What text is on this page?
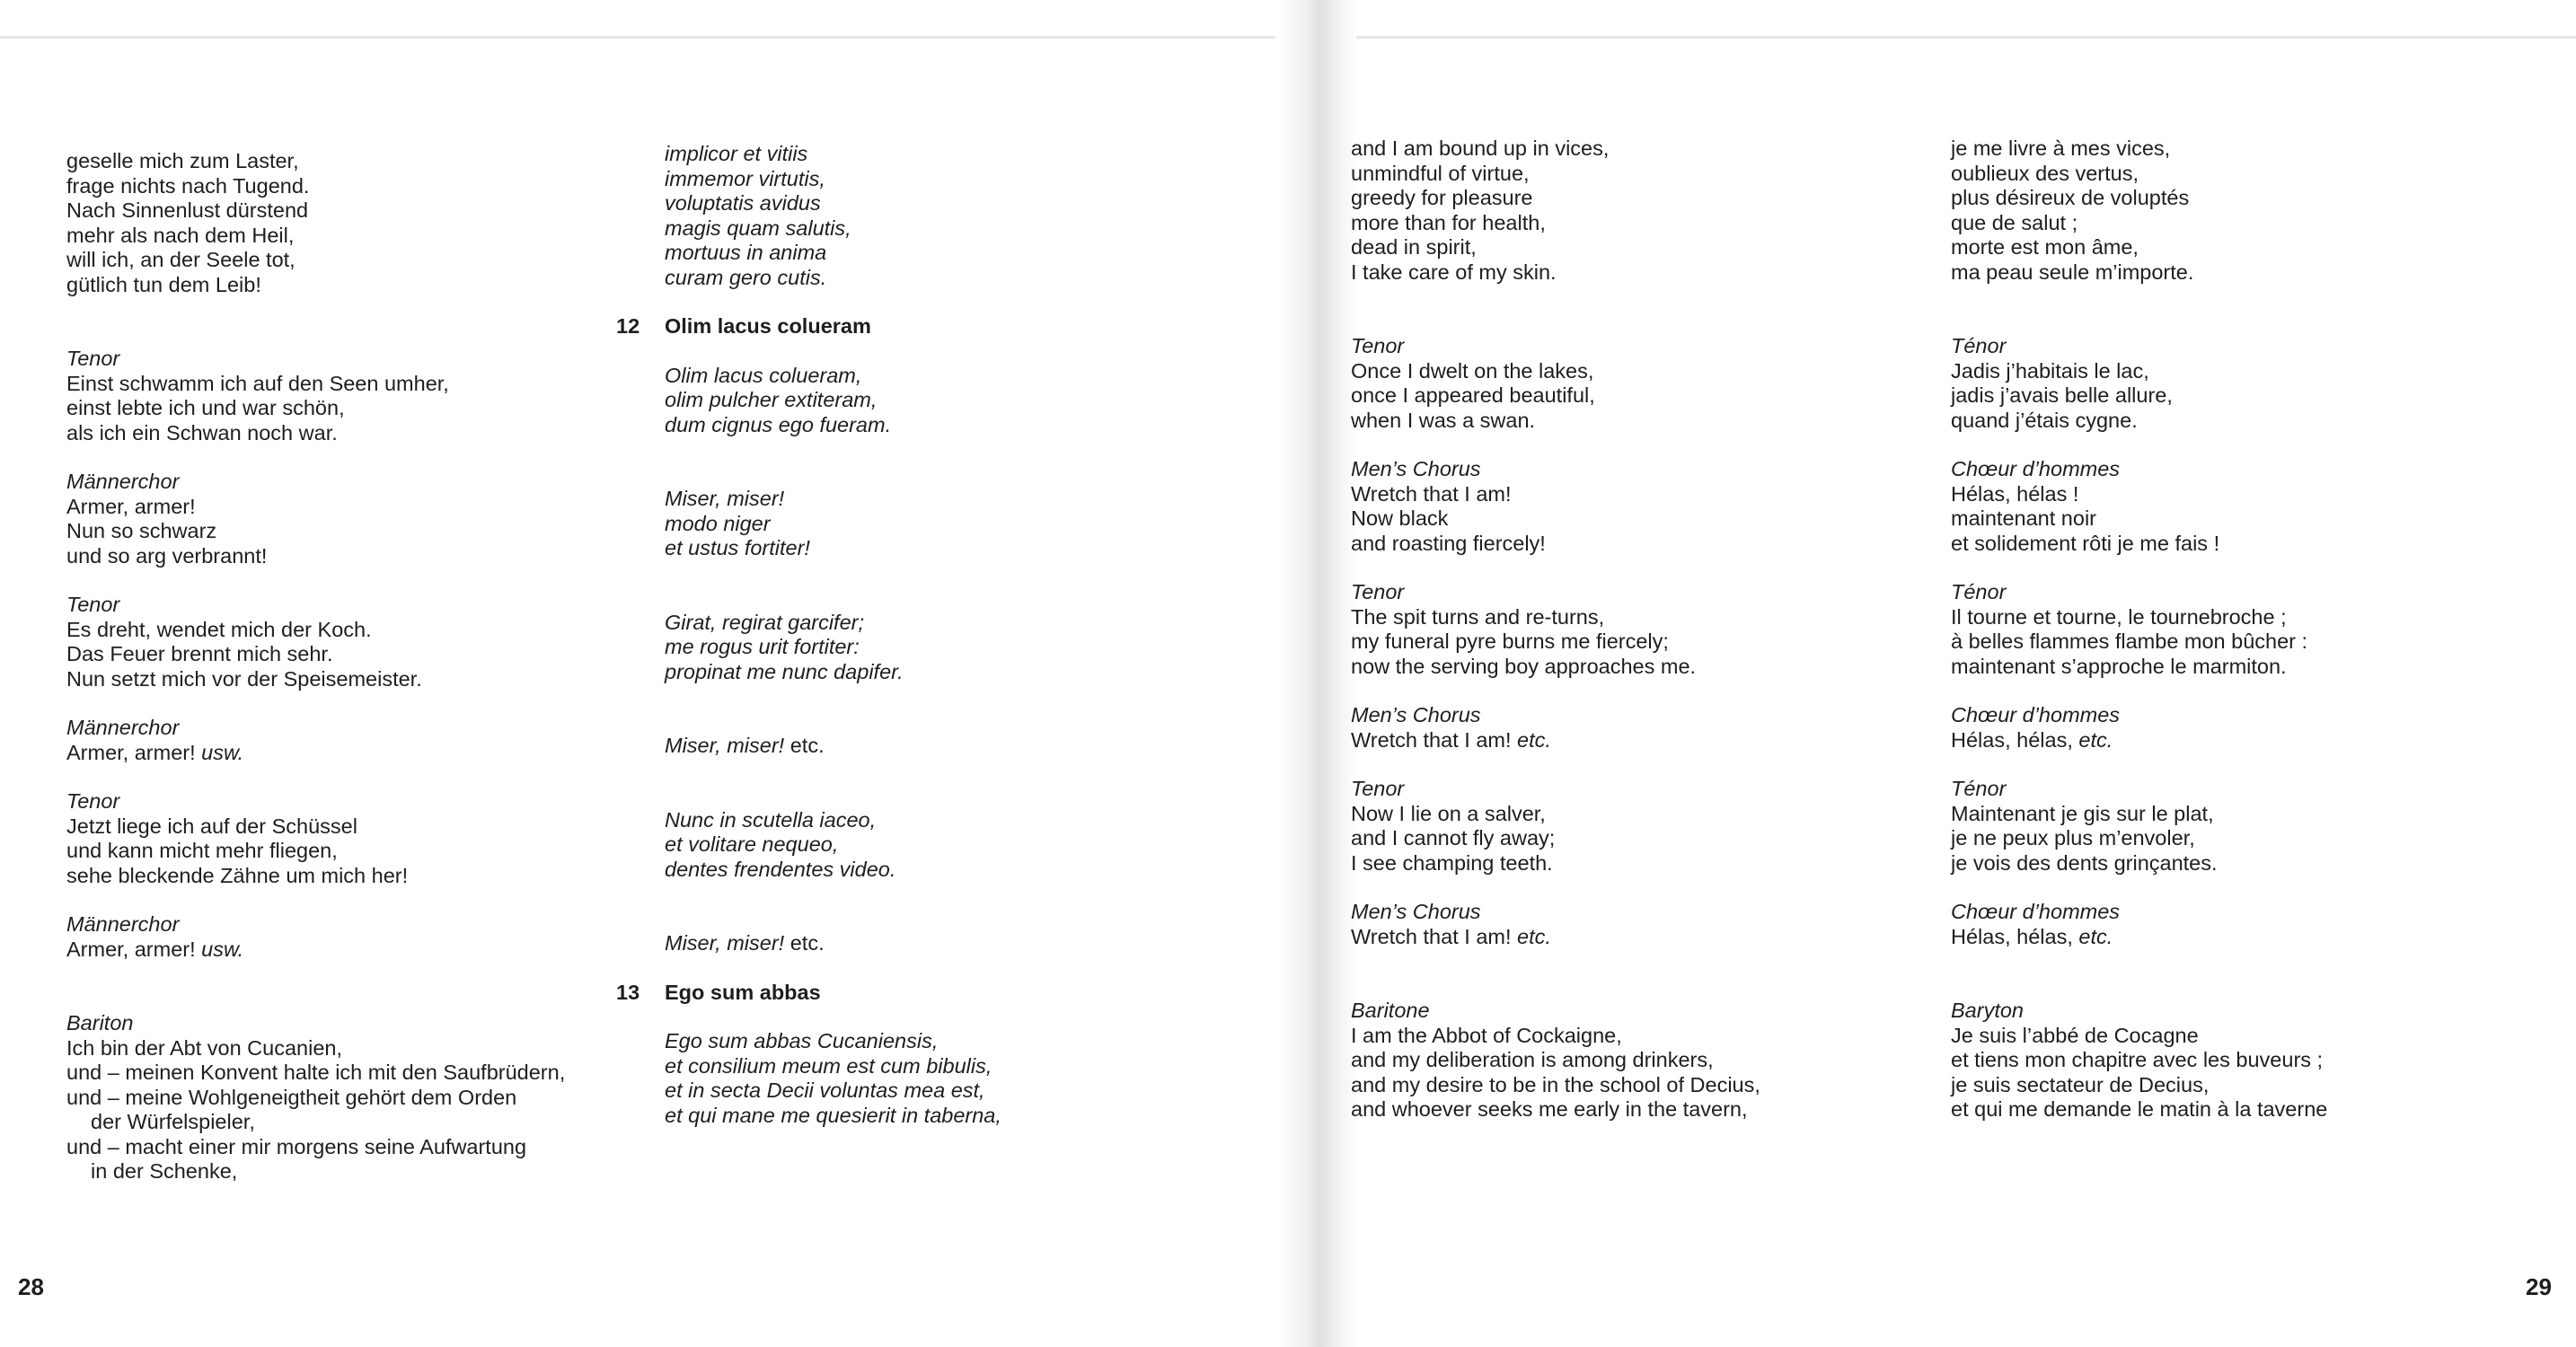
geselle mich zum Laster,
frage nichts nach Tugend.
Nach Sinnenlust dürstend
mehr als nach dem Heil,
will ich, an der Seele tot,
gütlich tun dem Leib!
Tenor
Einst schwamm ich auf den Seen umher,
einst lebte ich und war schön,
als ich ein Schwan noch war.
Männerchor
Armer, armer!
Nun so schwarz
und so arg verbrannt!
Tenor
Es dreht, wendet mich der Koch.
Das Feuer brennt mich sehr.
Nun setzt mich vor der Speisemeister.
Männerchor
Armer, armer! usw.
Tenor
Jetzt liege ich auf der Schüssel
und kann micht mehr fliegen,
sehe bleckende Zähne um mich her!
Männerchor
Armer, armer! usw.
Bariton
Ich bin der Abt von Cucanien,
und – meinen Konvent halte ich mit den Saufbrüdern,
und – meine Wohlgeneigtheit gehört dem Orden
der Würfelspieler,
und – macht einer mir morgens seine Aufwartung
in der Schenke,
implicor et vitiis
immemor virtutis,
voluptatis avidus
magis quam salutis,
mortuus in anima
curam gero cutis.
12 Olim lacus colueram
Olim lacus colueram,
olim pulcher extiteram,
dum cignus ego fueram.
Miser, miser!
modo niger
et ustus fortiter!
Girat, regirat garcifer;
me rogus urit fortiter:
propinat me nunc dapifer.
Miser, miser! etc.
Nunc in scutella iaceo,
et volitare nequeo,
dentes frendentes video.
Miser, miser! etc.
13 Ego sum abbas
Ego sum abbas Cucaniensis,
et consilium meum est cum bibulis,
et in secta Decii voluntas mea est,
et qui mane me quesierit in taberna,
and I am bound up in vices,
unmindful of virtue,
greedy for pleasure
more than for health,
dead in spirit,
I take care of my skin.
Tenor
Once I dwelt on the lakes,
once I appeared beautiful,
when I was a swan.
Men’s Chorus
Wretch that I am!
Now black
and roasting fiercely!
Tenor
The spit turns and re-turns,
my funeral pyre burns me fiercely;
now the serving boy approaches me.
Men’s Chorus
Wretch that I am! etc.
Tenor
Now I lie on a salver,
and I cannot fly away;
I see champing teeth.
Men’s Chorus
Wretch that I am! etc.
Baritone
I am the Abbot of Cockaigne,
and my deliberation is among drinkers,
and my desire to be in the school of Decius,
and whoever seeks me early in the tavern,
je me livre à mes vices,
oublieux des vertus,
plus désireux de voluptés
que de salut ;
morte est mon âme,
ma peau seule m’importe.
Ténor
Jadis j’habitais le lac,
jadis j’avais belle allure,
quand j’étais cygne.
Chœur d’hommes
Hélas, hélas !
maintenant noir
et solidement rôti je me fais !
Ténor
Il tourne et tourne, le tournebroche ;
à belles flammes flambe mon bûcher :
maintenant s’approche le marmiton.
Chœur d’hommes
Hélas, hélas, etc.
Ténor
Maintenant je gis sur le plat,
je ne peux plus m’envoler,
je vois des dents grinçantes.
Chœur d’hommes
Hélas, hélas, etc.
Baryton
Je suis l’abbé de Cocagne
et tiens mon chapitre avec les buveurs ;
je suis sectateur de Decius,
et qui me demande le matin à la taverne
28	29
